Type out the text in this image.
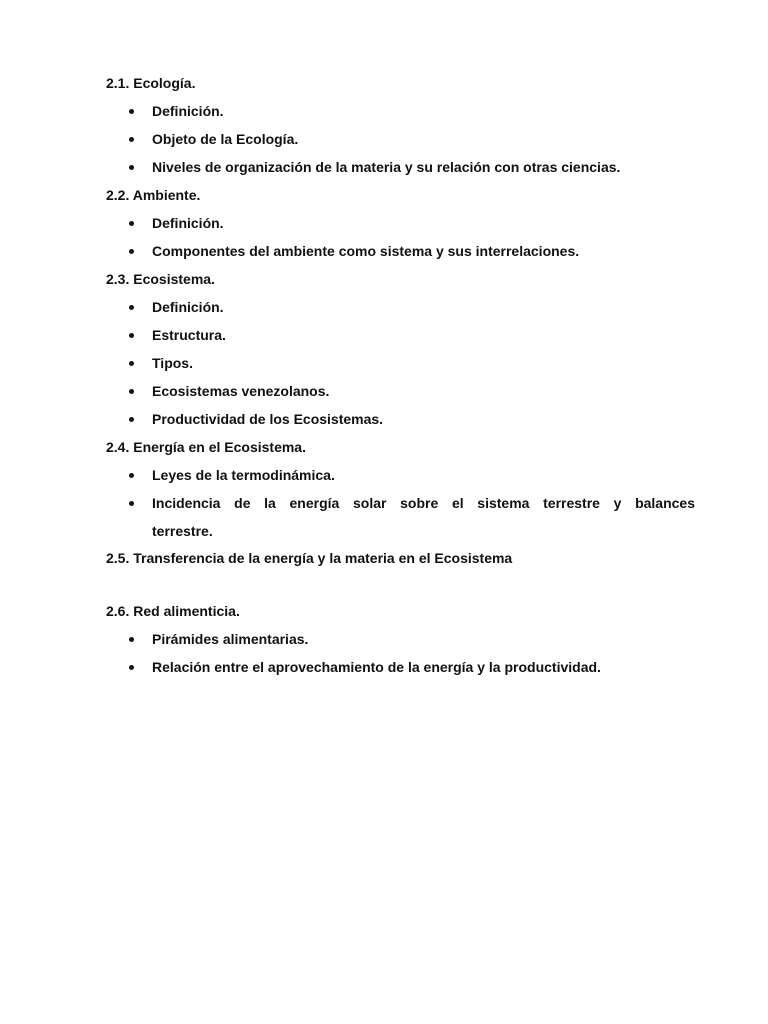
2.1. Ecología.
Definición.
Objeto de la Ecología.
Niveles de organización de la materia y su relación con otras ciencias.
2.2. Ambiente.
Definición.
Componentes del ambiente como sistema y sus interrelaciones.
2.3. Ecosistema.
Definición.
Estructura.
Tipos.
Ecosistemas venezolanos.
Productividad de los Ecosistemas.
2.4. Energía en el Ecosistema.
Leyes de la termodinámica.
Incidencia de la energía solar sobre el sistema terrestre y balances
terrestre.
2.5. Transferencia de la energía y la materia en el Ecosistema
2.6. Red alimenticia.
Pirámides alimentarias.
Relación entre el aprovechamiento de la energía y la productividad.
